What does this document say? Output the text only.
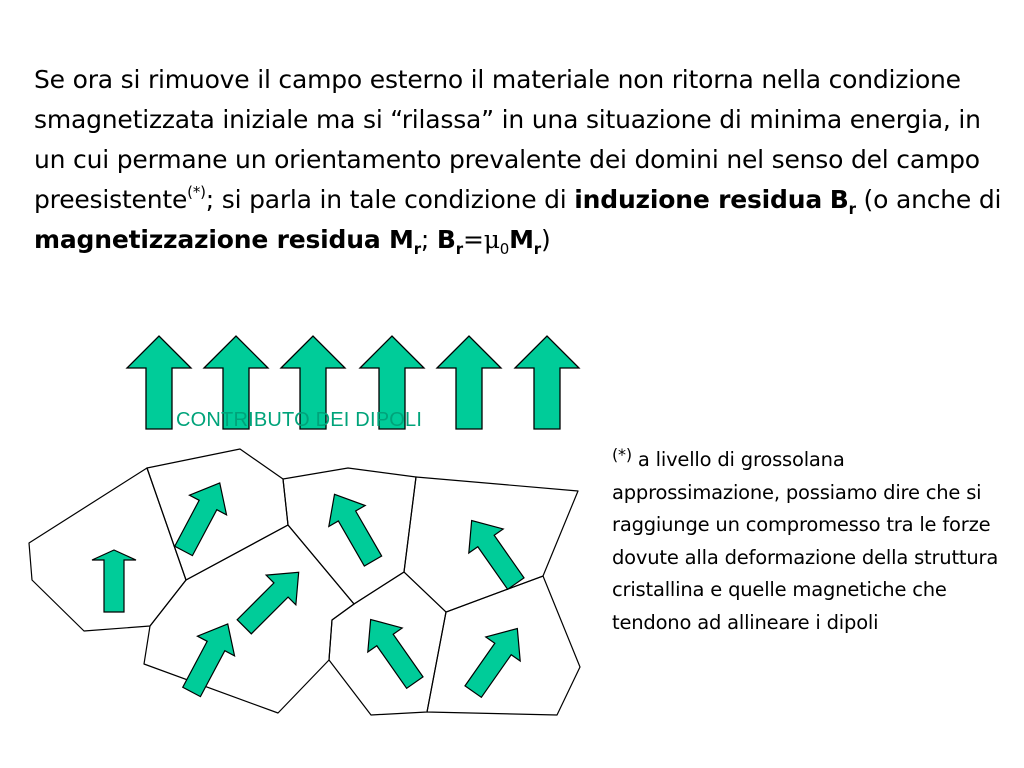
Se ora si rimuove il campo esterno il materiale non ritorna nella condizione smagnetizzata iniziale ma si “rilassa” in una situazione di minima energia, in un cui permane un orientamento prevalente dei domini nel senso del campo preesistente(*); si parla in tale condizione di induzione residua $B_r$ (o anche di magnetizzazione residua $M_r$; $B_r=\mu_0M_r$)
CONTRIBUTO DEI DIPOLI
(*) a livello di grossolana approssimazione, possiamo dire che si raggiunge un compromesso tra le forze dovute alla deformazione della struttura cristallina e quelle magnetiche che tendono ad allineare i dipoli
